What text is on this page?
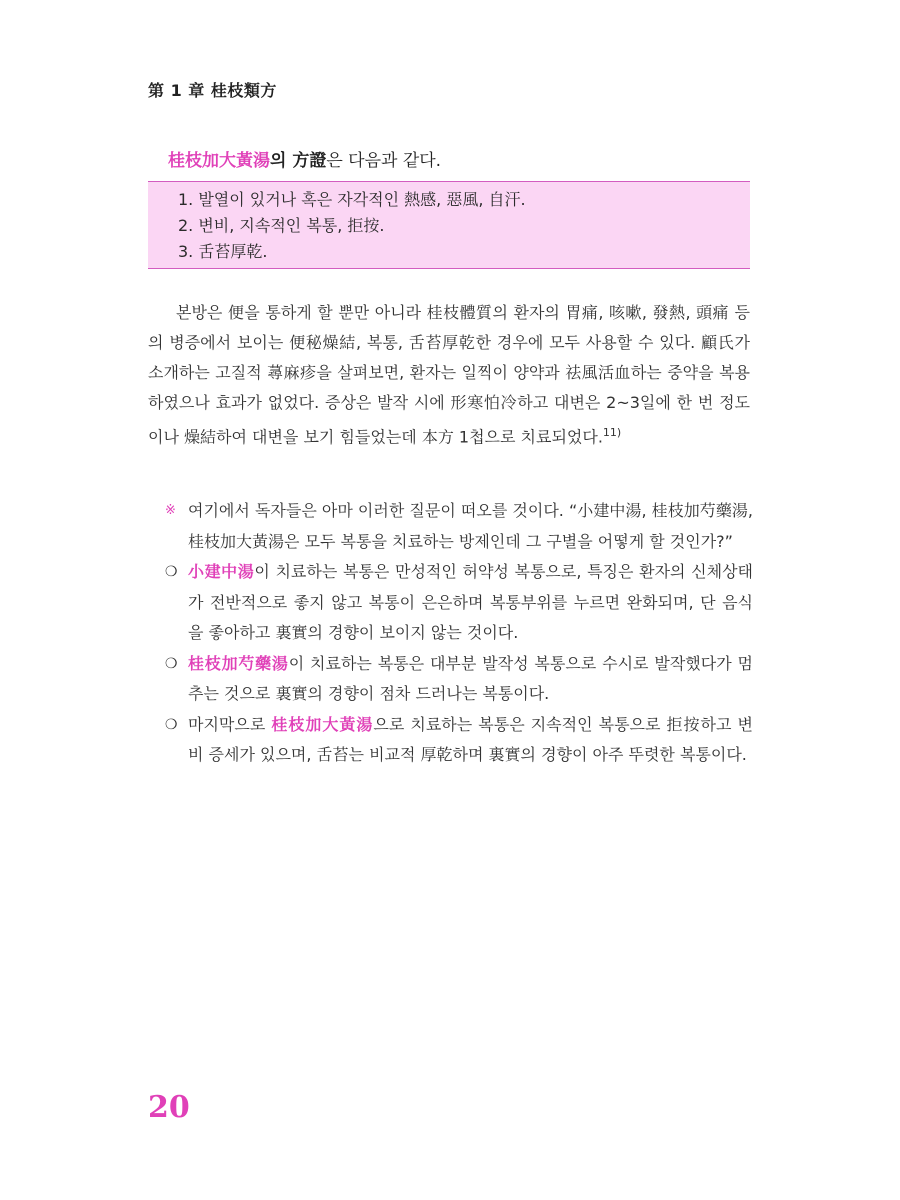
第 1 章 桂枝類方
桂枝加大黃湯의 方證은 다음과 같다.
1. 발열이 있거나 혹은 자각적인 熱感, 惡風, 自汗.
2. 변비, 지속적인 복통, 拒按.
3. 舌苔厚乾.

본방은 便을 통하게 할 뿐만 아니라 桂枝體質의 환자의 胃痛, 咳嗽, 發熱, 頭痛 등의 병증에서 보이는 便秘燥結, 복통, 舌苔厚乾한 경우에 모두 사용할 수 있다. 顧氏가 소개하는 고질적 蕁麻疹을 살펴보면, 환자는 일찍이 양약과 祛風活血하는 중약을 복용하였으나 효과가 없었다. 증상은 발작 시에 形寒怕冷하고 대변은 2~3일에 한 번 정도이나 燥結하여 대변을 보기 힘들었는데 本方 1첩으로 치료되었다.$^{11)}$

※ 여기에서 독자들은 아마 이러한 질문이 떠오를 것이다. “小建中湯, 桂枝加芍藥湯, 桂枝加大黃湯은 모두 복통을 치료하는 방제인데 그 구별을 어떻게 할 것인가?”
❍ 小建中湯이 치료하는 복통은 만성적인 허약성 복통으로, 특징은 환자의 신체상태가 전반적으로 좋지 않고 복통이 은은하며 복통부위를 누르면 완화되며, 단 음식을 좋아하고 裏實의 경향이 보이지 않는 것이다.
❍ 桂枝加芍藥湯이 치료하는 복통은 대부분 발작성 복통으로 수시로 발작했다가 멈추는 것으로 裏實의 경향이 점차 드러나는 복통이다.
❍ 마지막으로 桂枝加大黃湯으로 치료하는 복통은 지속적인 복통으로 拒按하고 변비 증세가 있으며, 舌苔는 비교적 厚乾하며 裏實의 경향이 아주 뚜렷한 복통이다.
20
